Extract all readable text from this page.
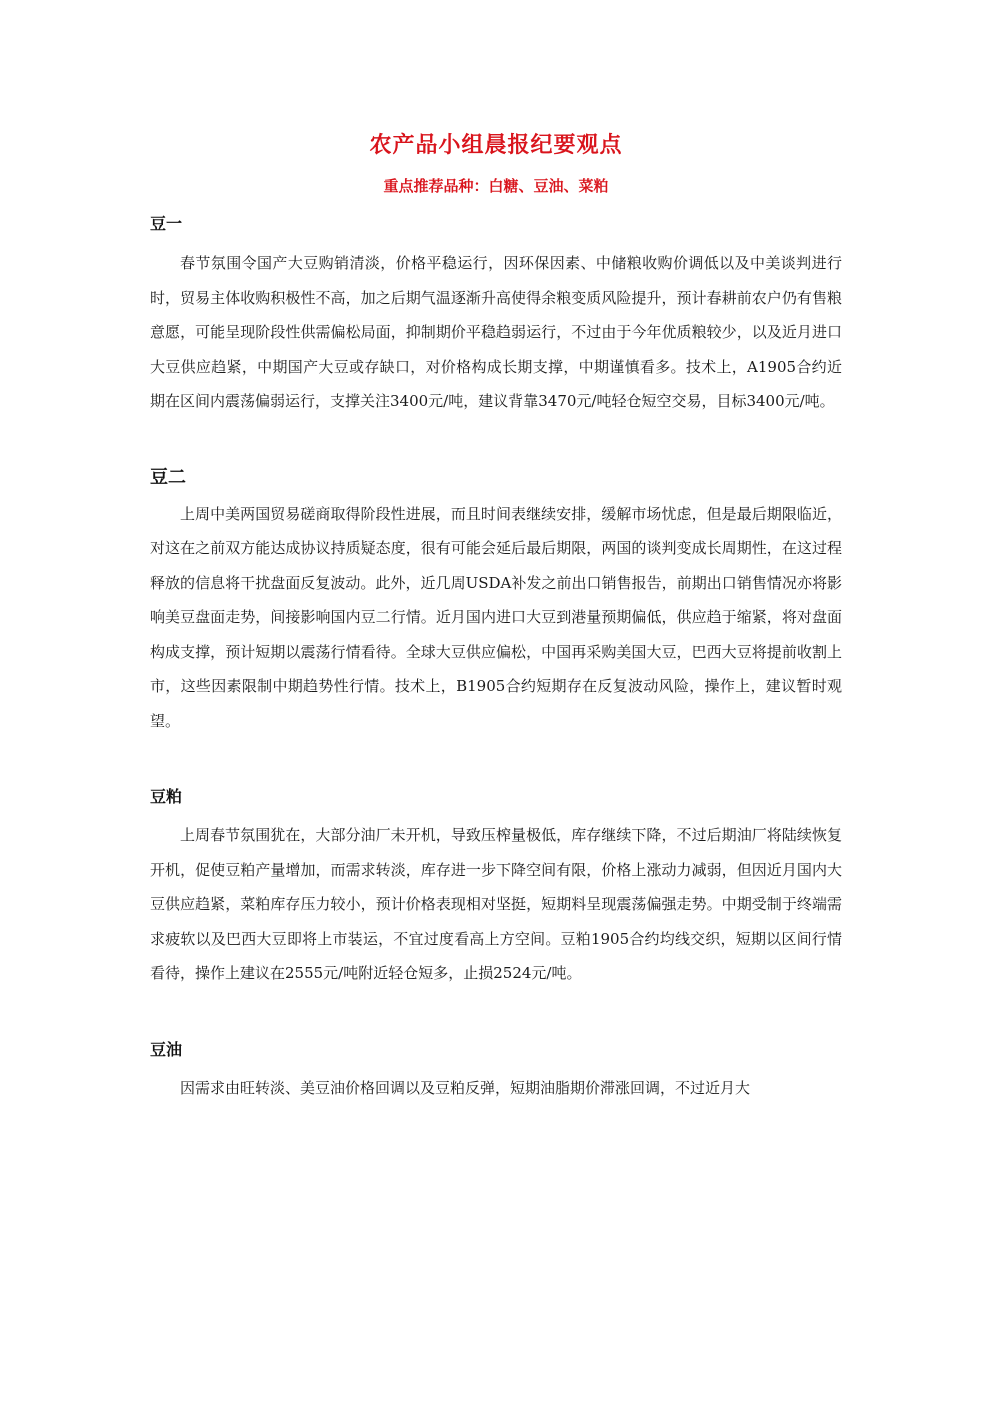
农产品小组晨报纪要观点
重点推荐品种：白糖、豆油、菜粕
豆一

春节氛围令国产大豆购销清淡，价格平稳运行，因环保因素、中储粮收购价调低以及中美谈判进行时，贸易主体收购积极性不高，加之后期气温逐渐升高使得余粮变质风险提升，预计春耕前农户仍有售粮意愿，可能呈现阶段性供需偏松局面，抑制期价平稳趋弱运行，不过由于今年优质粮较少，以及近月进口大豆供应趋紧，中期国产大豆或存缺口，对价格构成长期支撑，中期谨慎看多。技术上，A1905合约近期在区间内震荡偏弱运行，支撑关注3400元/吨，建议背靠3470元/吨轻仓短空交易，目标3400元/吨。

豆二

上周中美两国贸易磋商取得阶段性进展，而且时间表继续安排，缓解市场忧虑，但是最后期限临近，对这在之前双方能达成协议持质疑态度，很有可能会延后最后期限，两国的谈判变成长周期性，在这过程释放的信息将干扰盘面反复波动。此外，近几周USDA补发之前出口销售报告，前期出口销售情况亦将影响美豆盘面走势，间接影响国内豆二行情。近月国内进口大豆到港量预期偏低，供应趋于缩紧，将对盘面构成支撑，预计短期以震荡行情看待。全球大豆供应偏松，中国再采购美国大豆，巴西大豆将提前收割上市，这些因素限制中期趋势性行情。技术上，B1905合约短期存在反复波动风险，操作上，建议暂时观望。

豆粕

上周春节氛围犹在，大部分油厂未开机，导致压榨量极低，库存继续下降，不过后期油厂将陆续恢复开机，促使豆粕产量增加，而需求转淡，库存进一步下降空间有限，价格上涨动力减弱，但因近月国内大豆供应趋紧，菜粕库存压力较小，预计价格表现相对坚挺，短期料呈现震荡偏强走势。中期受制于终端需求疲软以及巴西大豆即将上市装运，不宜过度看高上方空间。豆粕1905合约均线交织，短期以区间行情看待，操作上建议在2555元/吨附近轻仓短多，止损2524元/吨。

豆油

因需求由旺转淡、美豆油价格回调以及豆粕反弹，短期油脂期价滞涨回调，不过近月大
